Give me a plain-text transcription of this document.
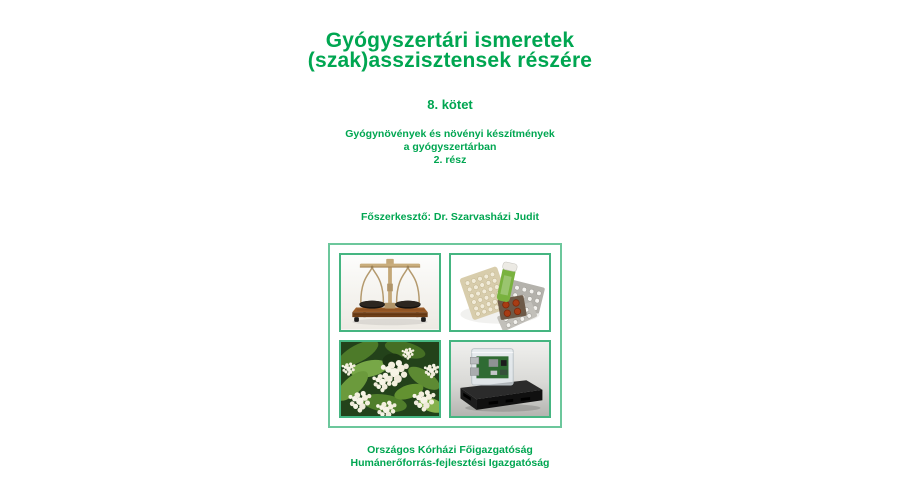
Gyógyszertári ismeretek
(szak)asszisztensek részére
8. kötet
Gyógynövények és növényi készítmények
a gyógyszertárban
2. rész
Főszerkesztő: Dr. Szarvasházi Judit
Országos Kórházi Főigazgatóság
Humánerőforrás-fejlesztési Igazgatóság
